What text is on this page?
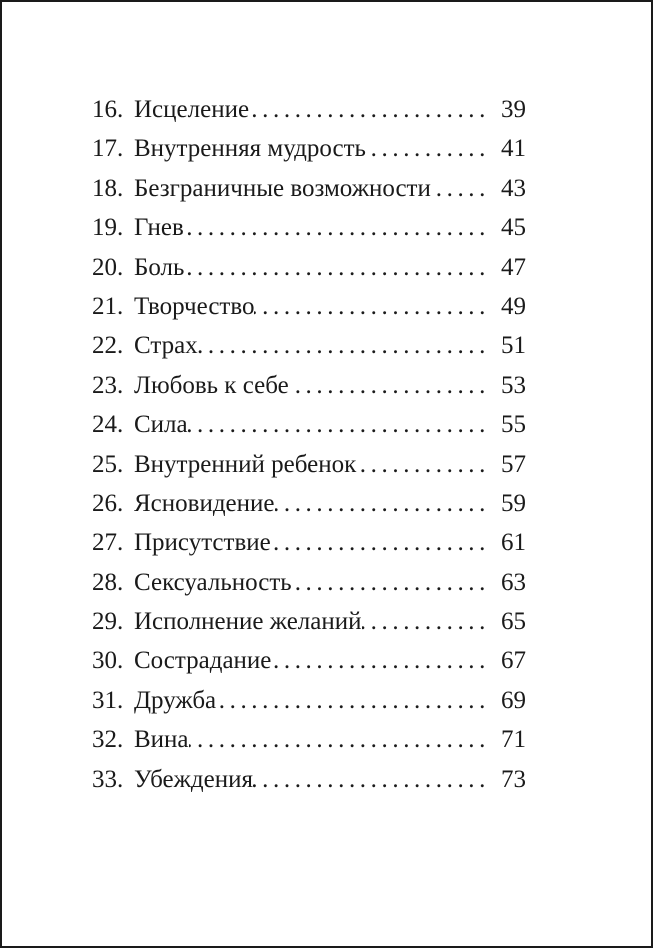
16. Исцеление .....	39
17. Внутренняя мудрость .....	41
18. Безграничные возможности .....	43
19. Гнев .....	45
20. Боль .....	47
21. Творчество .....	49
22. Страх .....	51
23. Любовь к себе .....	53
24. Сила .....	55
25. Внутренний ребенок .....	57
26. Ясновидение .....	59
27. Присутствие .....	61
28. Сексуальность .....	63
29. Исполнение желаний .....	65
30. Сострадание .....	67
31. Дружба .....	69
32. Вина .....	71
33. Убеждения .....	73
